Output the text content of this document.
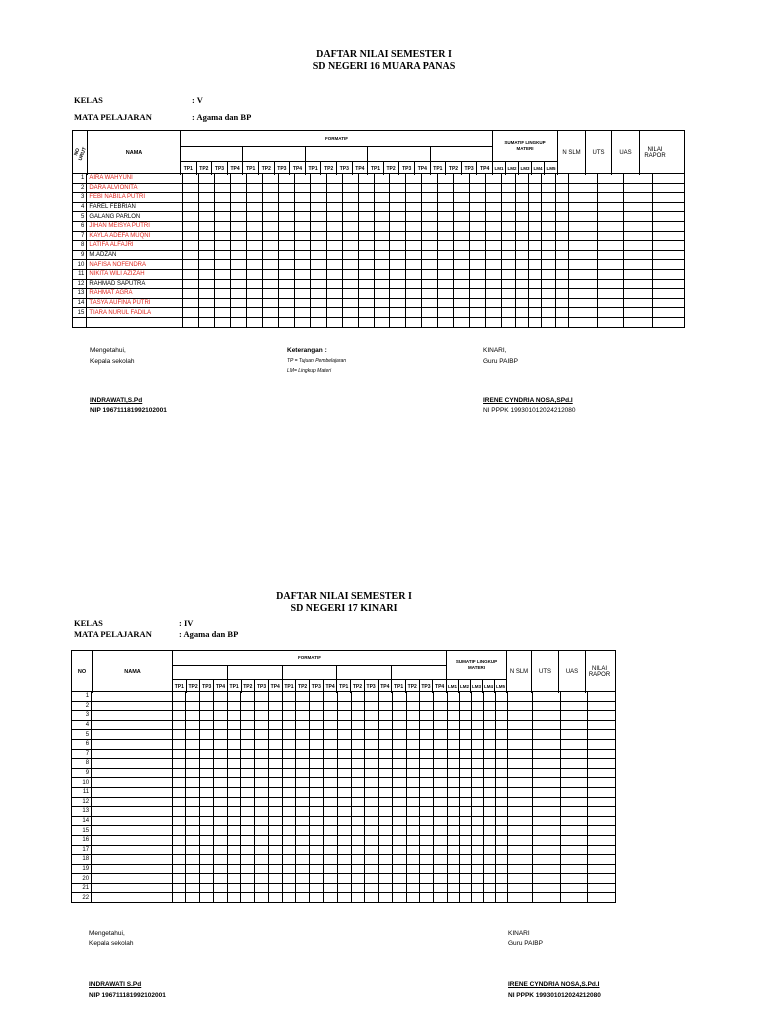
DAFTAR NILAI SEMESTER I
SD NEGERI 16 MUARA PANAS
KELAS	: V
MATA PELAJARAN	: Agama dan BP
NO URUT	NAMA
FORMATIF
TP1	TP2	TP3	TP4	TP1	TP2	TP3	TP4	TP1	TP2	TP3	TP4	TP1	TP2	TP3	TP4	TP1	TP2	TP3	TP4
SUMATIF LINGKUP MATERI
LM1 LM2 LM3 LM4 LM5
N SLM	UTS	UAS	NILAI RAPOR
1	AIRA WAHYUNI																													
2	DARA ALVIONITA																													
3	FEBI NABILA PUTRI																													
4	FAREL FEBRIAN																													
5	GALANG PARLON																													
6	JIHAN MEISYA PUTRI																													
7	KAYLA ADEFA MUQNI																													
8	LATIFA ALFAJRI																													
9	M.ADZAN																													
10	NAFISA NOFENDRA																													
11	NIKITA WILI AZIZAH																													
12	RAHMAD SAPUTRA																													
13	RAHMAT AGRA																													
14	TASYA AUFINA PUTRI																													
15	TIARA NURUL FADILA																													

Mengetahui,
Kepala sekolah
Keterangan :
TP = Tujuan Pembelajaran
LM= Lingkup Materi
KINARI,
Guru PAIBP
INDRAWATI,S.Pd
NIP 196711181992102001
IRENE CYNDRIA NOSA,SPd.I
NI PPPK 199301012024212080
DAFTAR NILAI SEMESTER I
SD NEGERI 17 KINARI
KELAS	: IV
MATA PELAJARAN	: Agama dan BP
NO	NAMA
FORMATIF
TP1 TP2 TP3 TP4 TP1 TP2 TP3 TP4 TP1 TP2 TP3 TP4 TP1 TP2 TP3 TP4 TP1 TP2 TP3 TP4
SUMATIF LINGKUP MATERI
LM1 LM2 LM3 LM4 LM5
N SLM	UTS	UAS	NILAI RAPOR
1																														
2																														
3																														
4																														
5																														
6																														
7																														
8																														
9																														
10																														
11																														
12																														
13																														
14																														
15																														
16																														
17																														
18																														
19																														
20																														
21																														
22																														
Mengetahui,
Kepala sekolah
KINARI
Guru PAIBP
INDRAWATI S.Pd
NIP 196711181992102001
IRENE CYNDRIA NOSA,S.Pd.I
NI PPPK 199301012024212080
